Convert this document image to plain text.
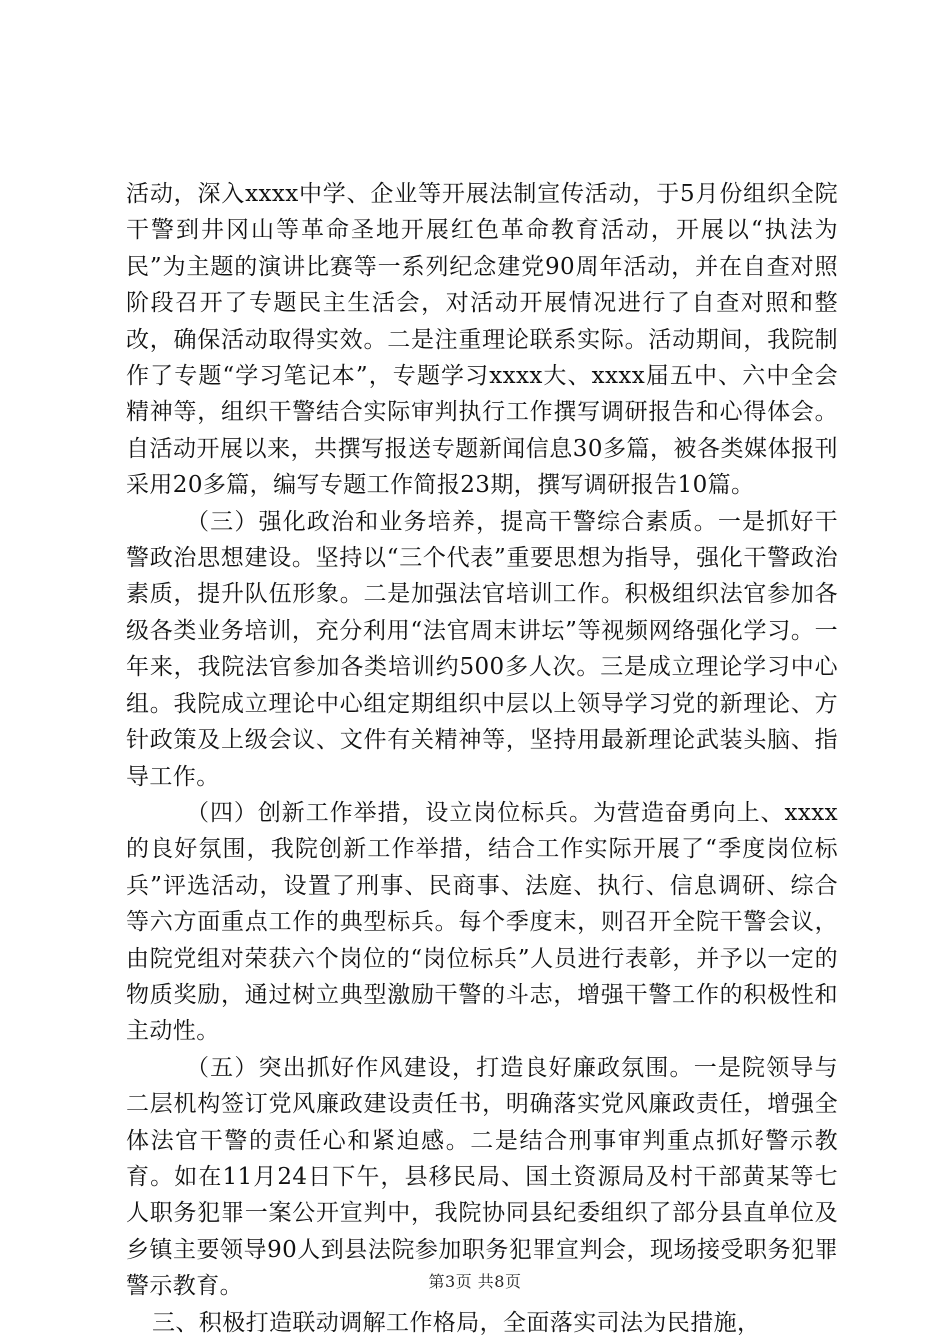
活动，深入xxxx中学、企业等开展法制宣传活动，于5月份组织全院干警到井冈山等革命圣地开展红色革命教育活动，开展以“执法为民”为主题的演讲比赛等一系列纪念建党90周年活动，并在自查对照阶段召开了专题民主生活会，对活动开展情况进行了自查对照和整改，确保活动取得实效。二是注重理论联系实际。活动期间，我院制作了专题“学习笔记本”，专题学习xxxx大、xxxx届五中、六中全会精神等，组织干警结合实际审判执行工作撰写调研报告和心得体会。自活动开展以来，共撰写报送专题新闻信息30多篇，被各类媒体报刊采用20多篇，编写专题工作简报23期，撰写调研报告10篇。

（三）强化政治和业务培养，提高干警综合素质。一是抓好干警政治思想建设。坚持以“三个代表”重要思想为指导，强化干警政治素质，提升队伍形象。二是加强法官培训工作。积极组织法官参加各级各类业务培训，充分利用“法官周末讲坛”等视频网络强化学习。一年来，我院法官参加各类培训约500多人次。三是成立理论学习中心组。我院成立理论中心组定期组织中层以上领导学习党的新理论、方针政策及上级会议、文件有关精神等，坚持用最新理论武装头脑、指导工作。

（四）创新工作举措，设立岗位标兵。为营造奋勇向上、xxxx的良好氛围，我院创新工作举措，结合工作实际开展了“季度岗位标兵”评选活动，设置了刑事、民商事、法庭、执行、信息调研、综合等六方面重点工作的典型标兵。每个季度末，则召开全院干警会议，由院党组对荣获六个岗位的“岗位标兵”人员进行表彰，并予以一定的物质奖励，通过树立典型激励干警的斗志，增强干警工作的积极性和主动性。

（五）突出抓好作风建设，打造良好廉政氛围。一是院领导与二层机构签订党风廉政建设责任书，明确落实党风廉政责任，增强全体法官干警的责任心和紧迫感。二是结合刑事审判重点抓好警示教育。如在11月24日下午，县移民局、国土资源局及村干部黄某等七人职务犯罪一案公开宣判中，我院协同县纪委组织了部分县直单位及乡镇主要领导90人到县法院参加职务犯罪宣判会，现场接受职务犯罪警示教育。

三、积极打造联动调解工作格局，全面落实司法为民措施，

第3页 共8页
